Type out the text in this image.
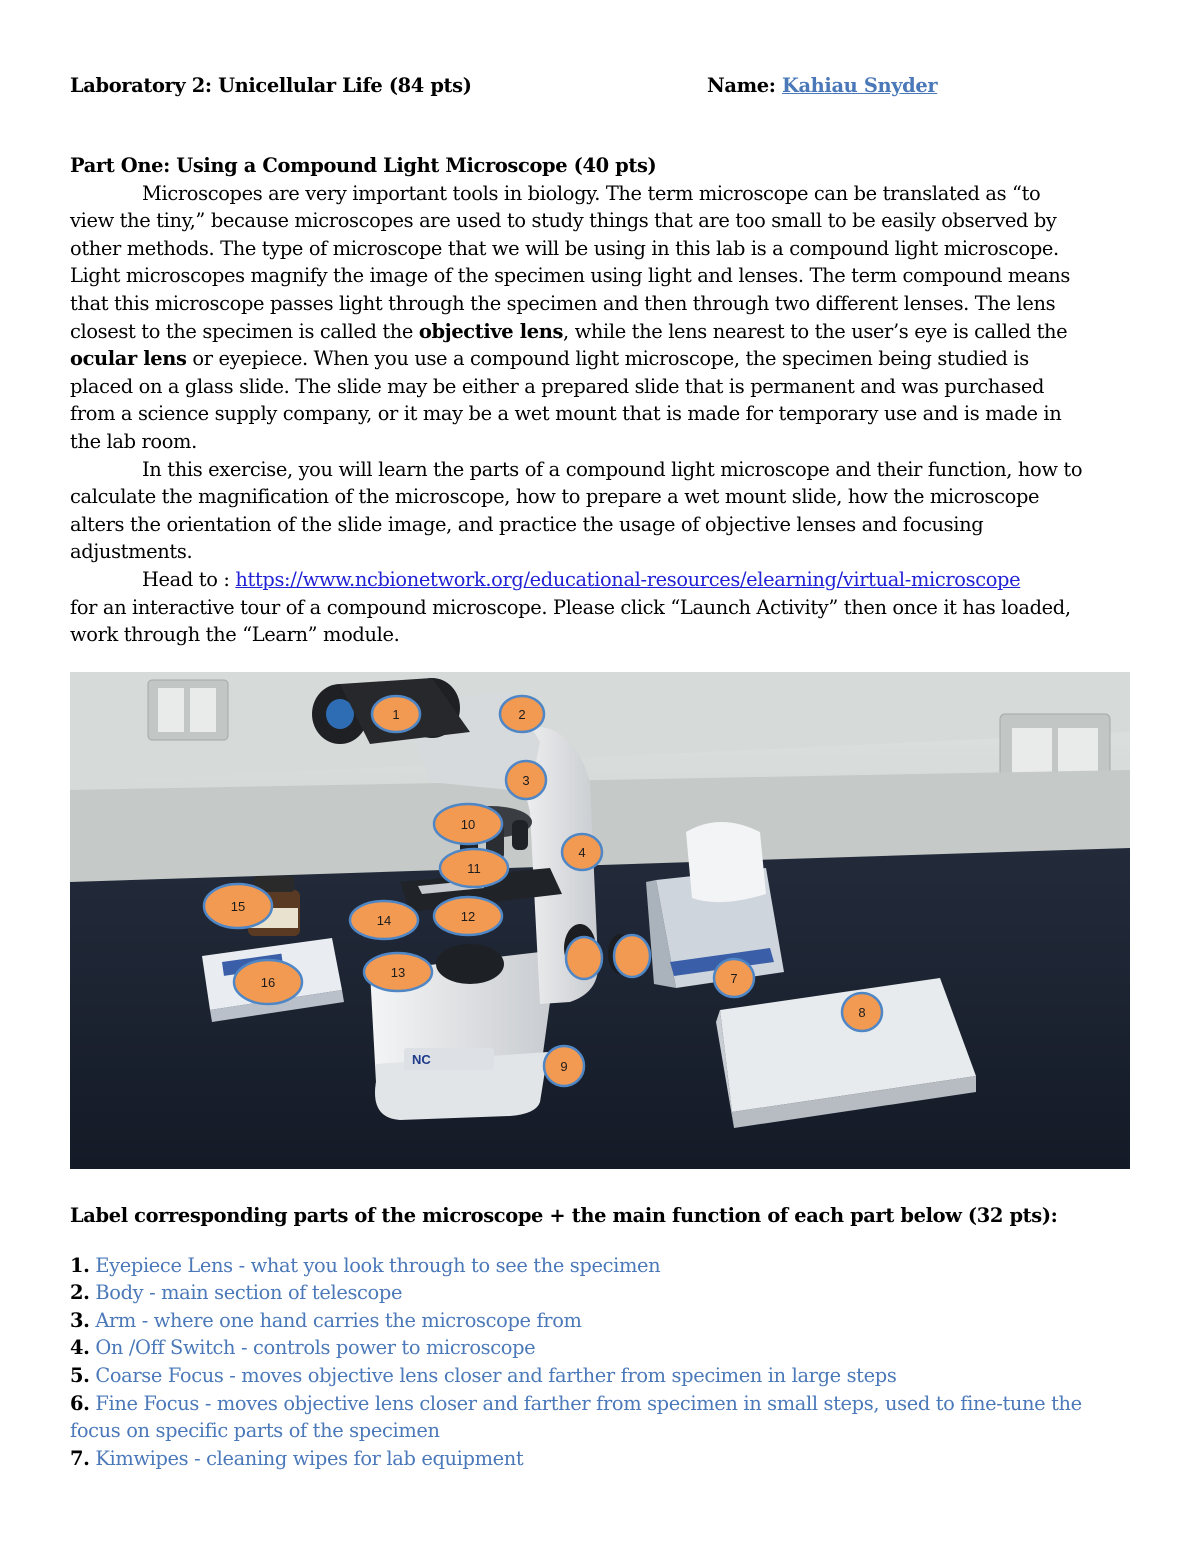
Laboratory 2: Unicellular Life (84 pts)	Name: Kahiau Snyder
Part One: Using a Compound Light Microscope (40 pts)
Microscopes are very important tools in biology. The term microscope can be translated as “to
view the tiny,” because microscopes are used to study things that are too small to be easily observed by
other methods. The type of microscope that we will be using in this lab is a compound light microscope.
Light microscopes magnify the image of the specimen using light and lenses. The term compound means
that this microscope passes light through the specimen and then through two different lenses. The lens
closest to the specimen is called the objective lens, while the lens nearest to the user’s eye is called the
ocular lens or eyepiece. When you use a compound light microscope, the specimen being studied is
placed on a glass slide. The slide may be either a prepared slide that is permanent and was purchased
from a science supply company, or it may be a wet mount that is made for temporary use and is made in
the lab room.
In this exercise, you will learn the parts of a compound light microscope and their function, how to
calculate the magnification of the microscope, how to prepare a wet mount slide, how the microscope
alters the orientation of the slide image, and practice the usage of objective lenses and focusing
adjustments.
Head to : https://www.ncbionetwork.org/educational-resources/elearning/virtual-microscope
for an interactive tour of a compound microscope. Please click “Launch Activity” then once it has loaded,
work through the “Learn” module.
NC
1	2
3
4
5	6
7
8
9
10
11
12
13
14
15
16
Label corresponding parts of the microscope + the main function of each part below (32 pts):
1. Eyepiece Lens - what you look through to see the specimen
2. Body - main section of telescope
3. Arm - where one hand carries the microscope from
4. On /Off Switch - controls power to microscope
5. Coarse Focus - moves objective lens closer and farther from specimen in large steps
6. Fine Focus - moves objective lens closer and farther from specimen in small steps, used to fine-tune the
focus on specific parts of the specimen
7. Kimwipes - cleaning wipes for lab equipment
